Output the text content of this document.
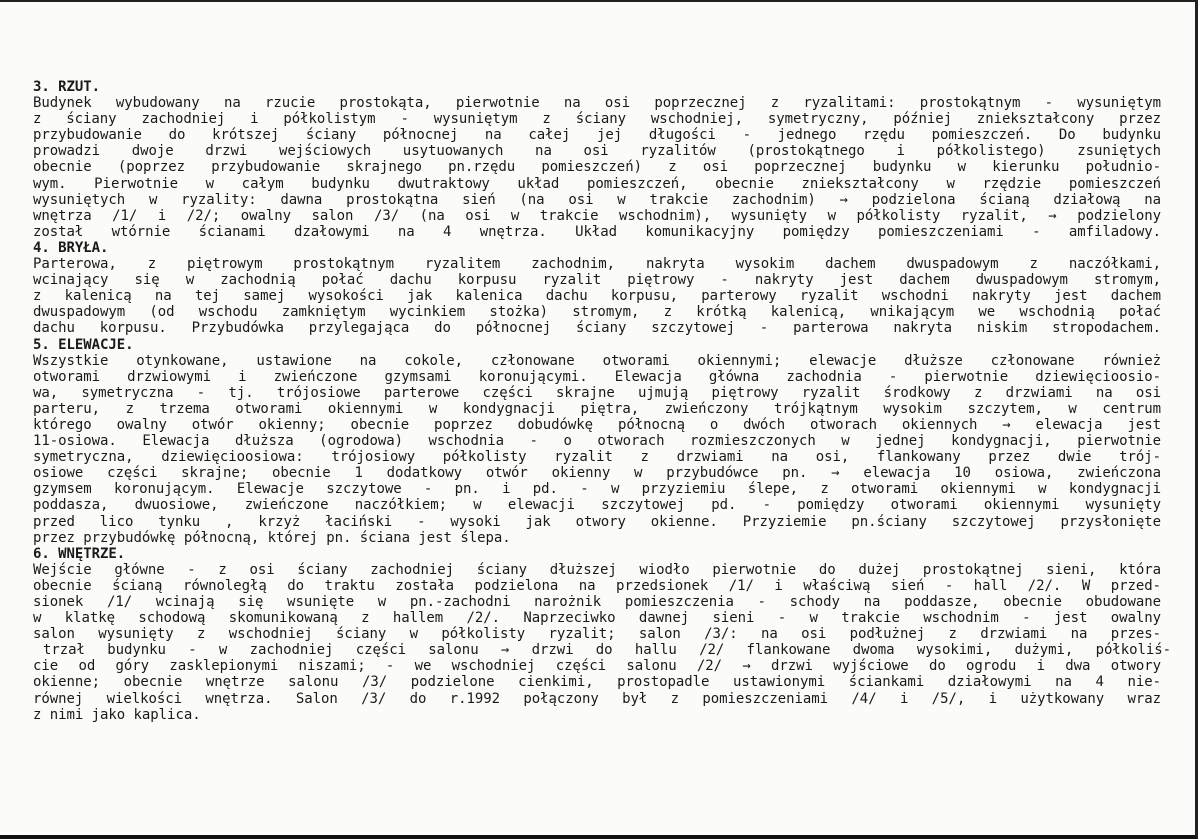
3. RZUT.
Budynek wybudowany na rzucie prostokąta, pierwotnie na osi poprzecznej z ryzalitami: prostokątnym - wysuniętym
z ściany zachodniej i półkolistym - wysuniętym z ściany wschodniej, symetryczny, później zniekształcony przez
przybudowanie do krótszej ściany północnej na całej jej długości - jednego rzędu pomieszczeń. Do budynku
prowadzi dwoje drzwi wejściowych usytuowanych na osi ryzalitów (prostokątnego i półkolistego) zsuniętych
obecnie (poprzez przybudowanie skrajnego pn.rzędu pomieszczeń) z osi poprzecznej budynku w kierunku południo-
wym. Pierwotnie w całym budynku dwutraktowy układ pomieszczeń, obecnie zniekształcony w rzędzie pomieszczeń
wysuniętych w ryzality: dawna prostokątna sień (na osi w trakcie zachodnim) → podzielona ścianą działową na
wnętrza /1/ i /2/; owalny salon /3/ (na osi w trakcie wschodnim), wysunięty w półkolisty ryzalit, → podzielony
został wtórnie ścianami dzałowymi na 4 wnętrza. Układ komunikacyjny pomiędzy pomieszczeniami - amfiladowy.
4. BRYŁA.
Parterowa, z piętrowym prostokątnym ryzalitem zachodnim, nakryta wysokim dachem dwuspadowym z naczółkami,
wcinający się w zachodnią połać dachu korpusu ryzalit piętrowy - nakryty jest dachem dwuspadowym stromym,
z kalenicą na tej samej wysokości jak kalenica dachu korpusu, parterowy ryzalit wschodni nakryty jest dachem
dwuspadowym (od wschodu zamkniętym wycinkiem stożka) stromym, z krótką kalenicą, wnikającym we wschodnią połać
dachu korpusu. Przybudówka przylegająca do północnej ściany szczytowej - parterowa nakryta niskim stropodachem.
5. ELEWACJE.
Wszystkie otynkowane, ustawione na cokole, członowane otworami okiennymi; elewacje dłuższe członowane również
otworami drzwiowymi i zwieńczone gzymsami koronującymi. Elewacja główna zachodnia - pierwotnie dziewięcioosio-
wa, symetryczna - tj. trójosiowe parterowe części skrajne ujmują piętrowy ryzalit środkowy z drzwiami na osi
parteru, z trzema otworami okiennymi w kondygnacji piętra, zwieńczony trójkątnym wysokim szczytem, w centrum
którego owalny otwór okienny; obecnie poprzez dobudówkę północną o dwóch otworach okiennych → elewacja jest
11-osiowa. Elewacja dłuższa (ogrodowa) wschodnia - o otworach rozmieszczonych w jednej kondygnacji, pierwotnie
symetryczna, dziewięcioosiowa: trójosiowy półkolisty ryzalit z drzwiami na osi, flankowany przez dwie trój-
osiowe części skrajne; obecnie 1 dodatkowy otwór okienny w przybudówce pn. → elewacja 10 osiowa, zwieńczona
gzymsem koronującym. Elewacje szczytowe - pn. i pd. - w przyziemiu ślepe, z otworami okiennymi w kondygnacji
poddasza, dwuosiowe, zwieńczone naczółkiem; w elewacji szczytowej pd. - pomiędzy otworami okiennymi wysunięty
przed lico tynku , krzyż łaciński - wysoki jak otwory okienne. Przyziemie pn.ściany szczytowej przysłonięte
przez przybudówkę północną, której pn. ściana jest ślepa.
6. WNĘTRZE.
Wejście główne - z osi ściany zachodniej ściany dłuższej wiodło pierwotnie do dużej prostokątnej sieni, która
obecnie ścianą równoległą do traktu została podzielona na przedsionek /1/ i właściwą sień - hall /2/. W przed-
sionek /1/ wcinają się wsunięte w pn.-zachodni narożnik pomieszczenia - schody na poddasze, obecnie obudowane
w klatkę schodową skomunikowaną z hallem /2/. Naprzeciwko dawnej sieni - w trakcie wschodnim - jest owalny
salon wysunięty z wschodniej ściany w półkolisty ryzalit; salon /3/: na osi podłużnej z drzwiami na przes-
trzał budynku - w zachodniej części salonu → drzwi do hallu /2/ flankowane dwoma wysokimi, dużymi, półkoliś-
cie od góry zasklepionymi niszami; - we wschodniej części salonu /2/ → drzwi wyjściowe do ogrodu i dwa otwory
okienne; obecnie wnętrze salonu /3/ podzielone cienkimi, prostopadle ustawionymi ściankami działowymi na 4 nie-
równej wielkości wnętrza. Salon /3/ do r.1992 połączony był z pomieszczeniami /4/ i /5/, i użytkowany wraz
z nimi jako kaplica.
